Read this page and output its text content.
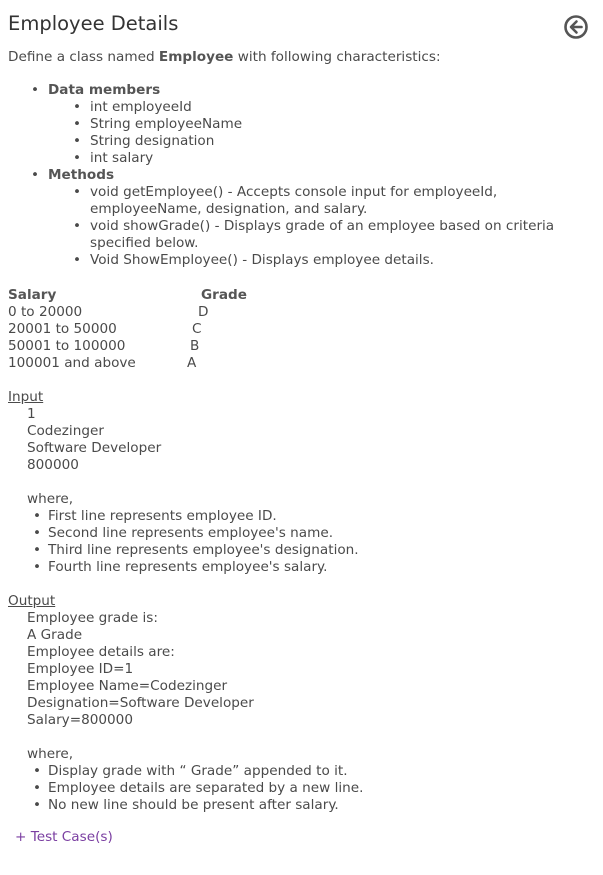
Employee Details
Define a class named Employee with following characteristics:
• Data members
• int employeeId
• String employeeName
• String designation
• int salary
• Methods
• void getEmployee() - Accepts console input for employeeId, employeeName, designation, and salary.
• void showGrade() - Displays grade of an employee based on criteria specified below.
• Void ShowEmployee() - Displays employee details.
Salary	Grade
0 to 20000	D
20001 to 50000	C
50001 to 100000	B
100001 and above	A
Input
1
Codezinger
Software Developer
800000
where,
• First line represents employee ID.
• Second line represents employee's name.
• Third line represents employee's designation.
• Fourth line represents employee's salary.
Output
Employee grade is:
A Grade
Employee details are:
Employee ID=1
Employee Name=Codezinger
Designation=Software Developer
Salary=800000
where,
• Display grade with “ Grade” appended to it.
• Employee details are separated by a new line.
• No new line should be present after salary.
+ Test Case(s)
